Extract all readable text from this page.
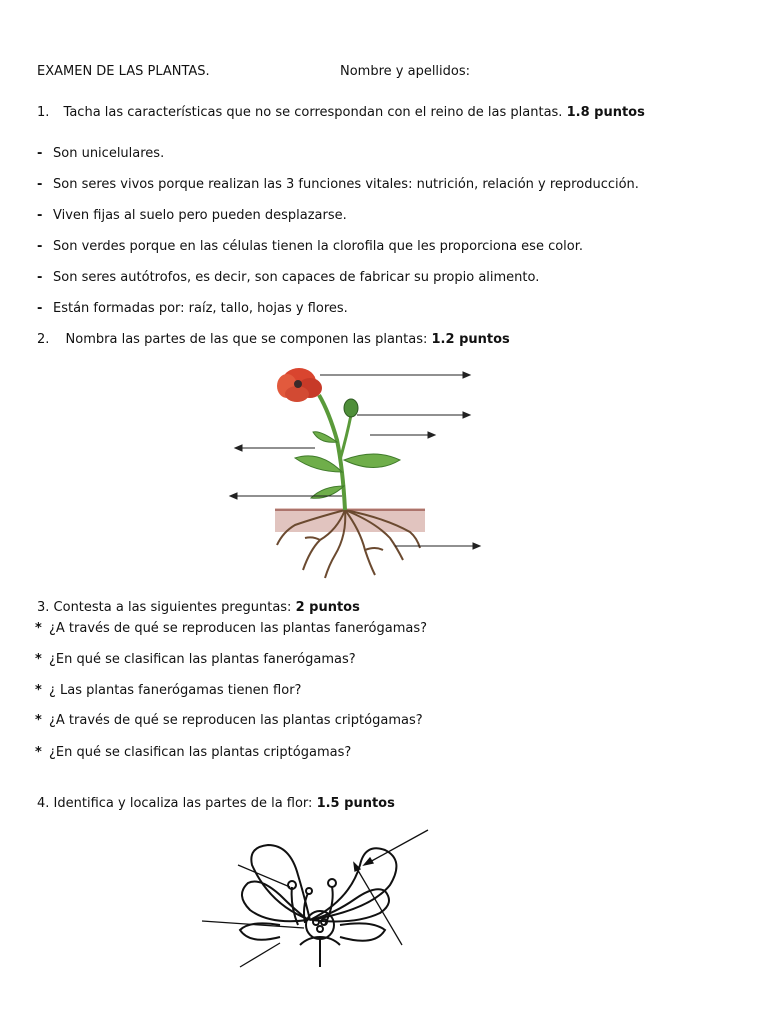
EXAMEN DE LAS PLANTAS.	Nombre y apellidos:
1. Tacha las características que no se correspondan con el reino de las plantas. 1.8 puntos
- Son unicelulares.
- Son seres vivos porque realizan las 3 funciones vitales: nutrición, relación y reproducción.
- Viven fijas al suelo pero pueden desplazarse.
- Son verdes porque en las células tienen la clorofila que les proporciona ese color.
- Son seres autótrofos, es decir, son capaces de fabricar su propio alimento.
- Están formadas por: raíz, tallo, hojas y flores.
2. Nombra las partes de las que se componen las plantas: 1.2 puntos
3. Contesta a las siguientes preguntas: 2 puntos
* ¿A través de qué se reproducen las plantas fanerógamas?
* ¿En qué se clasifican las plantas fanerógamas?
* ¿ Las plantas fanerógamas tienen flor?
* ¿A través de qué se reproducen las plantas criptógamas?
* ¿En qué se clasifican las plantas criptógamas?
4. Identifica y localiza las partes de la flor: 1.5 puntos
